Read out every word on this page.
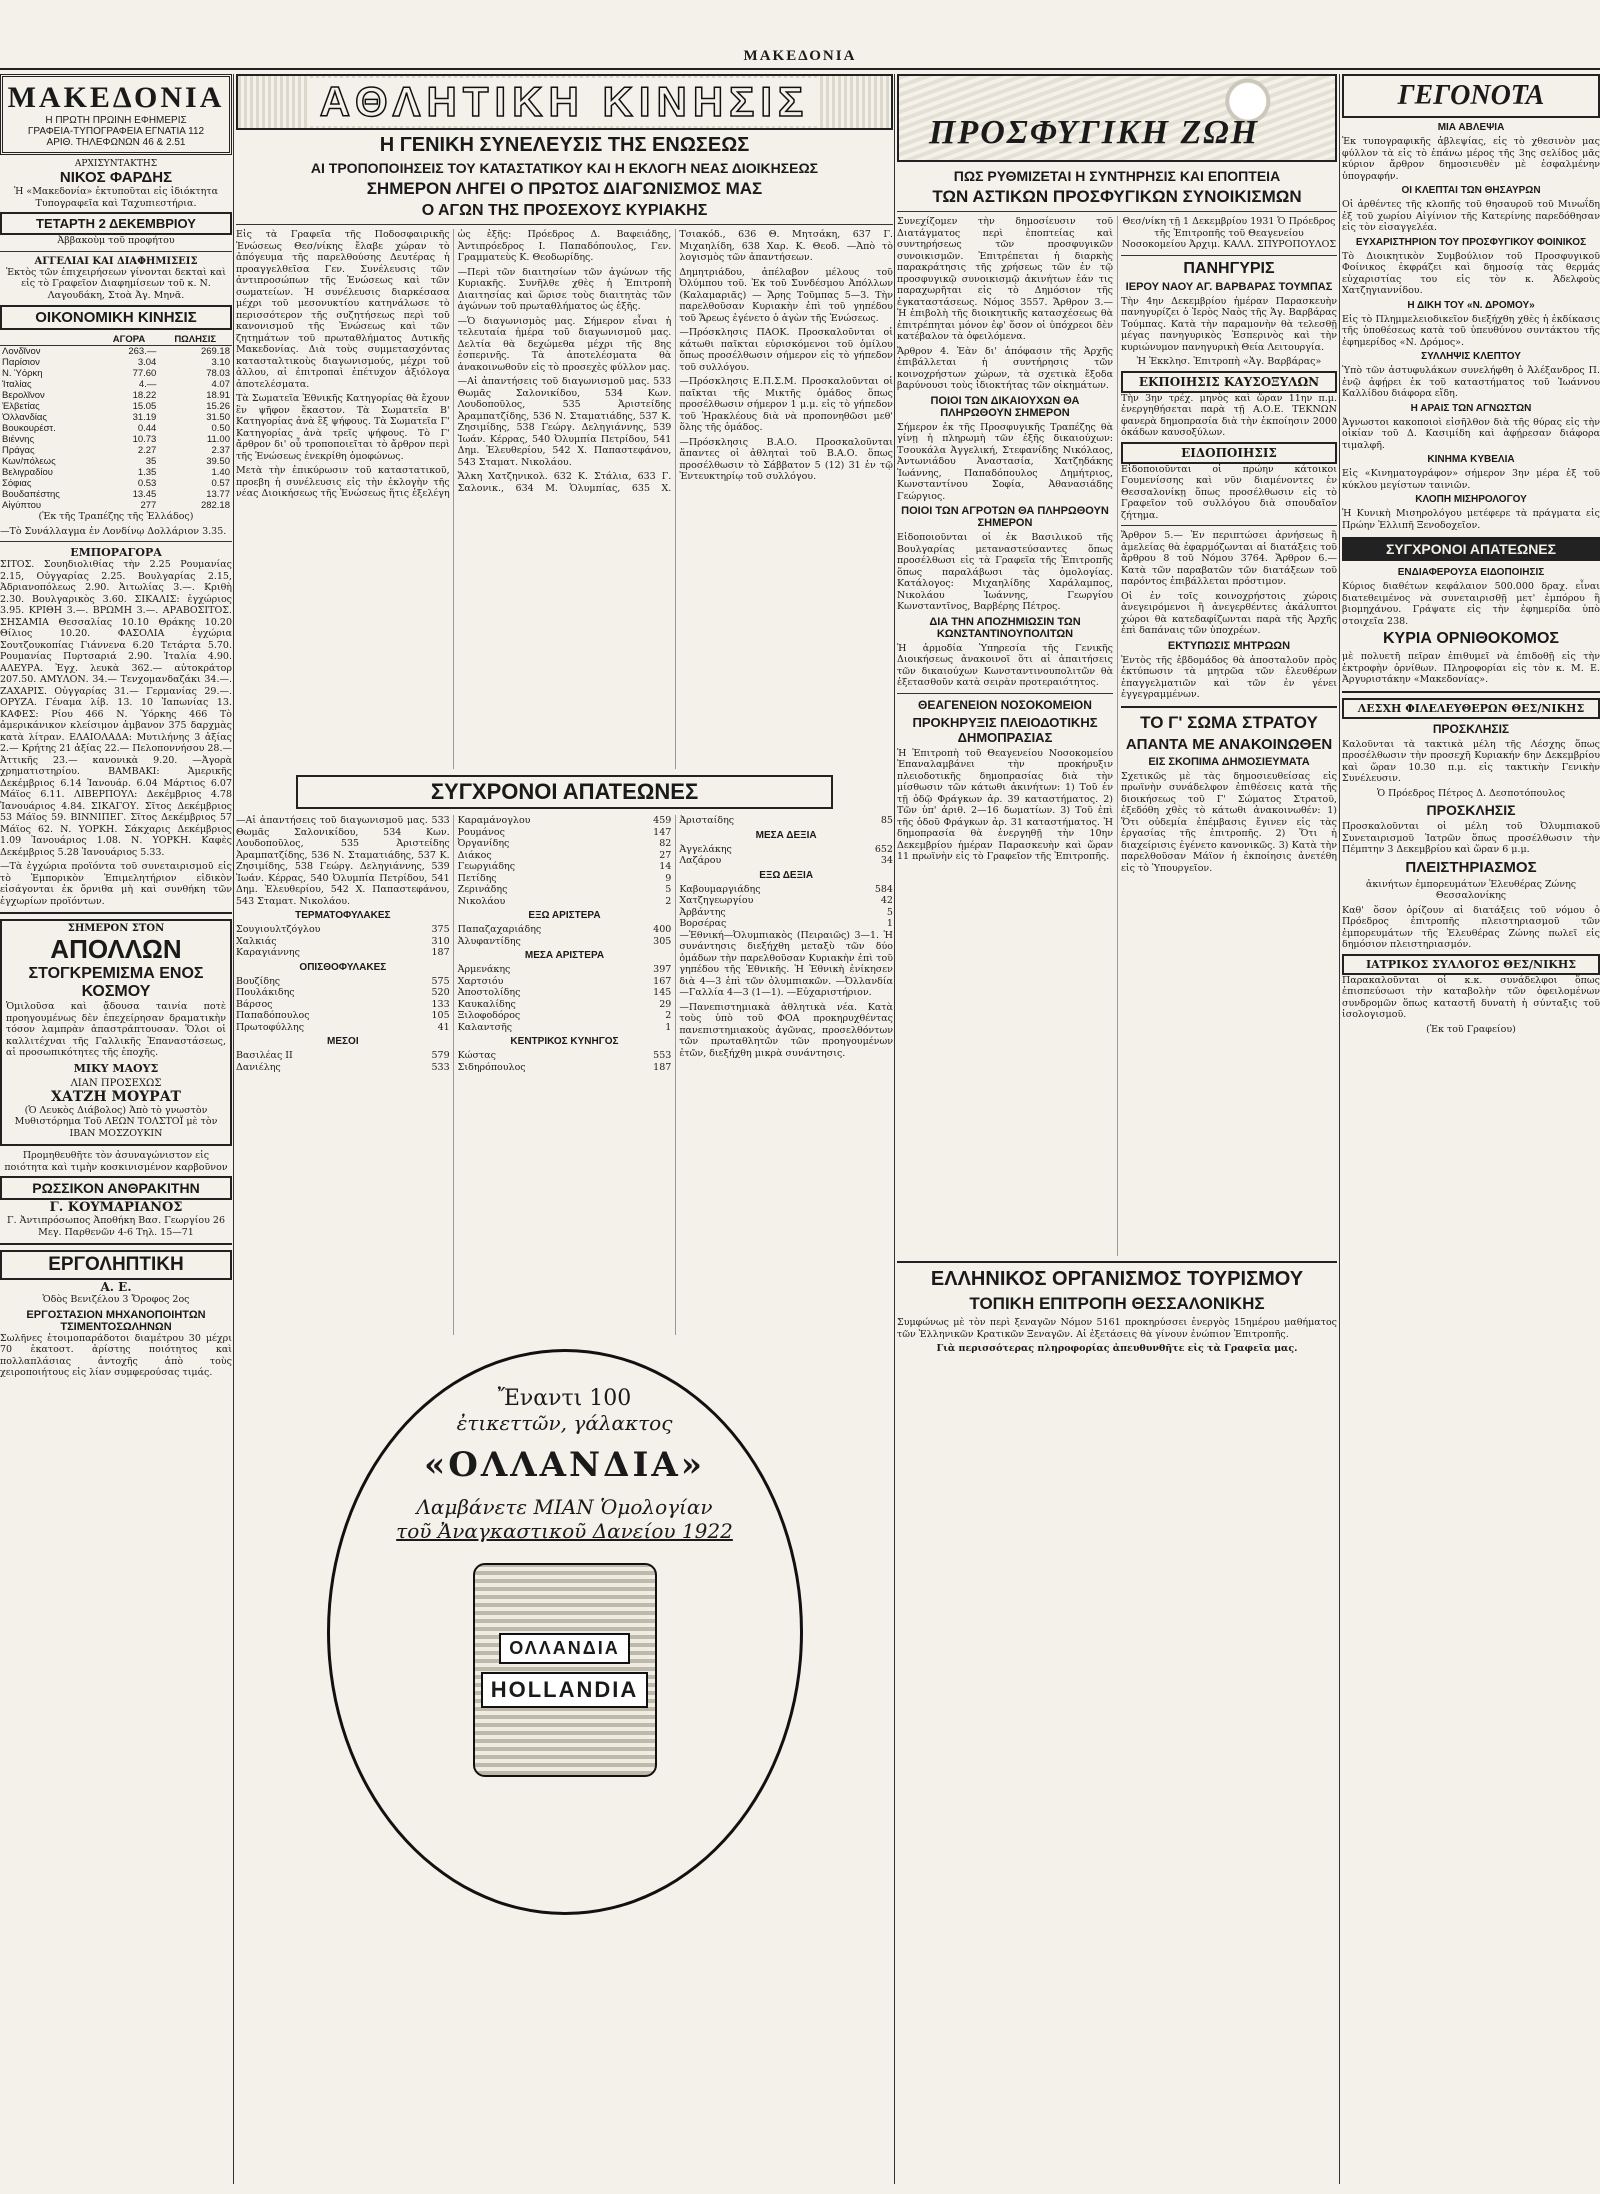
ΜΑΚΕΔΟΝΙΑ
ΜΑΚΕΔΟΝΙΑ
Η ΠΡΩΤΗ ΠΡΩΙΝΗ ΕΦΗΜΕΡΙΣ
ΓΡΑΦΕΙΑ-ΤΥΠΟΓΡΑΦΕΙΑ ΕΓΝΑΤΙΑ 112
ΑΡΙΘ. ΤΗΛΕΦΩΝΩΝ 46 & 2.51
ΑΡΧΙΣΥΝΤΑΚΤΗΣ
ΝΙΚΟΣ ΦΑΡΔΗΣ

Ἡ «Μακεδονία» ἐκτυποῦται εἰς ἰδιόκτητα Τυπογραφεῖα καὶ Ταχυπιεστήρια.

ΤΕΤΑΡΤΗ 2 ΔΕΚΕΜΒΡΙΟΥ

Ἀββακοὺμ τοῦ προφήτου

ΑΓΓΕΛΙΑΙ ΚΑΙ ΔΙΑΦΗΜΙΣΕΙΣ

Ἐκτὸς τῶν ἐπιχειρήσεων γίνονται δεκταὶ καὶ εἰς τὸ Γραφεῖον Διαφημίσεων τοῦ κ. Ν. Λαγουδάκη, Στοὰ Ἀγ. Μηνᾶ.

ΟΙΚΟΝΟΜΙΚΗ ΚΙΝΗΣΙΣ
	ΑΓΟΡΑ	ΠΩΛΗΣΙΣ
Λονδῖνον	263.—	269.18
Παρίσιον	3.04	3.10
Ν. Ὑόρκη	77.60	78.03
Ἰταλίας	4.—	4.07
Βερολῖνον	18.22	18.91
Ἑλβετίας	15.05	15.26
Ὁλλανδίας	31.19	31.50
Βουκουρέστ.	0.44	0.50
Βιέννης	10.73	11.00
Πράγας	2.27	2.37
Κων/πόλεως	35	39.50
Βελιγραδίου	1.35	1.40
Σόφιας	0.53	0.57
Βουδαπέστης	13.45	13.77
Αἰγύπτου	277	282.18

(Ἐκ τῆς Τραπέζης τῆς Ἑλλάδος)

—Τὸ Συνάλλαγμα ἐν Λονδίνῳ Δολλάριον 3.35.

ΕΜΠΟΡΑΓΟΡΑ

ΣΙΤΟΣ. Σουηδιολιθίας τὴν 2.25 Ρουμανίας 2.15, Οὐγγαρίας 2.25. Βουλγαρίας 2.15, Ἀδριανοπόλεως 2.90. Ἀιτωλίας 3.—. Κριθὴ 2.30. Βουλγαρικὸς 3.60. ΣΙΚΑΛΙΣ: ἐγχώριος 3.95. ΚΡΙΘΗ 3.—. ΒΡΩΜΗ 3.—. ΑΡΑΒΟΣΙΤΟΣ. ΣΗΣΑΜΙΑ Θεσσαλίας 10.10 Θράκης 10.20 Θίλιος 10.20. ΦΑΣΟΛΙΑ ἐγχώρια Σουτζουκοπίας Γιάννενα 6.20 Τετάρτα 5.70. Ρουμανίας Πυρτσαριά 2.90. Ἰταλία 4.90. ΑΛΕΥΡΑ. Ἐγχ. λευκὰ 362.— αὐτοκράτορ 207.50. ΑΜΥΛΟΝ. 34.— Τενχομανδαζάκι 34.—. ΖΑΧΑΡΙΣ. Οὐγγαρίας 31.— Γερμανίας 29.—. ΟΡΥΖΑ. Γέναμα λίβ. 13. 10 Ἰαπωνίας 13. ΚΑΦΕΣ: Ρίου 466 Ν. Ὑόρκης 466 Τὸ ἀμερικάνικον κλείσιμον ἀμβανον 375 δαρχμὰς κατὰ λίτραν. ΕΛΑΙΟΛΑΔΑ: Μυτιλήνης 3 ἀξίας 2.— Κρήτης 21 ἀξίας 22.— Πελοποννήσου 28.— Ἀττικῆς 23.— κανονικὰ 9.20. —Ἀγορὰ χρηματιστηρίου. ΒΑΜΒΑΚΙ: Ἀμερικῆς Δεκέμβριος 6.14 Ἰανουάρ. 6.04 Μάρτιος 6.07 Μάϊος 6.11. ΛΙΒΕΡΠΟΥΛ: Δεκέμβριος 4.78 Ἰανουάριος 4.84. ΣΙΚΑΓΟΥ. Σῖτος Δεκέμβριος 53 Μάϊος 59. ΒΙΝΝΙΠΕΓ. Σῖτος Δεκέμβριος 57 Μάϊος 62. Ν. ΥΟΡΚΗ. Σάκχαρις Δεκέμβριος 1.09 Ἰανουάριος 1.08. Ν. ΥΟΡΚΗ. Καφὲς Δεκέμβριος 5.28 Ἰανουάριος 5.33.

—Τὰ ἐγχώρια προϊόντα τοῦ συνεταιρισμοῦ εἰς τὸ Ἐμπορικὸν Ἐπιμελητήριον εἰδικὸν εἰσάγονται ἐκ ὄρνιθα μὴ καὶ συνθήκη τῶν ἐγχωρίων προϊόντων.

ΣΗΜΕΡΟΝ ΣΤΟΝ
ΑΠΟΛΛΩΝ
ΣΤΟΓΚΡΕΜΙΣΜΑ ΕΝΟΣ ΚΟΣΜΟΥ

Ὁμιλοῦσα καὶ ᾄδουσα ταινία ποτὲ προηγουμένως δὲν ἐπεχείρησαν δραματικὴν τόσον λαμπρὰν ἀπαστράπτουσαν. Ὅλοι οἱ καλλιτέχναι τῆς Γαλλικῆς Ἐπαναστάσεως, αἱ προσωπικότητες τῆς ἐποχῆς.

ΜΙΚΥ ΜΑΟΥΣ
ΛΙΑΝ ΠΡΟΣΕΧΩΣ
ΧΑΤΖΗ ΜΟΥΡΑΤ

(Ὁ Λευκὸς Διάβολος) Ἀπὸ τὸ γνωστὸν Μυθιστόρημα Τοῦ ΛΕΩΝ ΤΟΛΣΤΟΪ μὲ τὸν ΙΒΑΝ ΜΟΣΖΟΥΚΙΝ

Προμηθευθῆτε τὸν ἀσυναγώνιστον εἰς ποιότητα καὶ τιμὴν κοσκινισμένον καρβοῦνον

ΡΩΣΣΙΚΟΝ ΑΝΘΡΑΚΙΤΗΝ
Γ. ΚΟΥΜΑΡΙΑΝΟΣ

Γ. Ἀντιπρόσωπος Ἀποθήκη Βασ. Γεωργίου 26 Μεγ. Παρθενῶν 4-6 Τηλ. 15—71

ΕΡΓΟΛΗΠΤΙΚΗ
Α. Ε.

Ὁδὸς Βενιζέλου 3 Ὄροφος 2ος

ΕΡΓΟΣΤΑΣΙΟΝ ΜΗΧΑΝΟΠΟΙΗΤΩΝ ΤΣΙΜΕΝΤΟΣΩΛΗΝΩΝ

Σωλῆνες ἑτοιμοπαράδοτοι διαμέτρου 30 μέχρι 70 ἑκατοστ. ἀρίστης ποιότητος καὶ πολλαπλάσιας ἀντοχῆς ἀπὸ τοὺς χειροποιήτους εἰς λίαν συμφερούσας τιμάς.

ΑΘΛΗΤΙΚΗ ΚΙΝΗΣΙΣ
Η ΓΕΝΙΚΗ ΣΥΝΕΛΕΥΣΙΣ ΤΗΣ ΕΝΩΣΕΩΣ
ΑΙ ΤΡΟΠΟΠΟΙΗΣΕΙΣ ΤΟΥ ΚΑΤΑΣΤΑΤΙΚΟΥ ΚΑΙ Η ΕΚΛΟΓΗ ΝΕΑΣ ΔΙΟΙΚΗΣΕΩΣ
ΣΗΜΕΡΟΝ ΛΗΓΕΙ Ο ΠΡΩΤΟΣ ΔΙΑΓΩΝΙΣΜΟΣ ΜΑΣ
Ο ΑΓΩΝ ΤΗΣ ΠΡΟΣΕΧΟΥΣ ΚΥΡΙΑΚΗΣ

Εἰς τὰ Γραφεῖα τῆς Ποδοσφαιρικῆς Ἑνώσεως Θεσ/νίκης ἔλαβε χώραν τὸ ἀπόγευμα τῆς παρελθούσης Δευτέρας ἡ προαγγελθεῖσα Γεν. Συνέλευσις τῶν ἀντιπροσώπων τῆς Ἑνώσεως καὶ τῶν σωματείων. Ἡ συνέλευσις διαρκέσασα μέχρι τοῦ μεσονυκτίου κατηνάλωσε τὸ περισσότερον τῆς συζητήσεως περὶ τοῦ κανονισμοῦ τῆς Ἑνώσεως καὶ τῶν ζητημάτων τοῦ πρωταθλήματος Δυτικῆς Μακεδονίας. Διὰ τοὺς συμμετασχόντας κατασταλτικοὺς διαγωνισμούς, μέχρι τοῦ ἀλλου, αἱ ἐπιτροπαὶ ἐπέτυχον ἀξιόλογα ἀποτελέσματα.

Τὰ Σωματεῖα Ἐθνικῆς Κατηγορίας θὰ ἔχουν ἓν ψῆφον ἕκαστον. Τὰ Σωματεῖα Β' Κατηγορίας ἀνὰ ἓξ ψήφους. Τὰ Σωματεῖα Γ' Κατηγορίας ἀνὰ τρεῖς ψήφους. Τὸ Γ' ἄρθρον δι' οὗ τροποποιεῖται τὸ ἄρθρον περὶ τῆς Ἑνώσεως ἐνεκρίθη ὁμοφώνως.

Μετὰ τὴν ἐπικύρωσιν τοῦ καταστατικοῦ, προεβη ἡ συνέλευσις εἰς τὴν ἐκλογὴν τῆς νέας Διοικήσεως τῆς Ἑνώσεως ἥτις ἐξελέγη ὡς ἑξῆς: Πρόεδρος Δ. Βαφειάδης, Ἀντιπρόεδρος Ι. Παπαδόπουλος, Γεν. Γραμματεὺς Κ. Θεοδωρίδης.

—Περὶ τῶν διαιτησίων τῶν ἀγώνων τῆς Κυριακῆς. Συνῆλθε χθὲς ἡ Ἐπιτροπὴ Διαιτησίας καὶ ὥρισε τοὺς διαιτητὰς τῶν ἀγώνων τοῦ πρωταθλήματος ὡς ἑξῆς.

—Ὁ διαγωνισμὸς μας. Σήμερον εἶναι ἡ τελευταία ἡμέρα τοῦ διαγωνισμοῦ μας. Δελτία θὰ δεχώμεθα μέχρι τῆς 8ης ἑσπερινῆς. Τὰ ἀποτελέσματα θὰ ἀνακοινωθοῦν εἰς τὸ προσεχὲς φύλλον μας.

—Αἱ ἀπαντήσεις τοῦ διαγωνισμοῦ μας. 533 Θωμᾶς Σαλονικίδου, 534 Κων. Λουδοποῦλος, 535 Ἀριστείδης Ἀραμπατζίδης, 536 Ν. Σταματιάδης, 537 Κ. Ζησιμίδης, 538 Γεώργ. Δεληγιάννης, 539 Ἰωάν. Κέρρας, 540 Ὀλυμπία Πετρίδου, 541 Δημ. Ἐλευθερίου, 542 Χ. Παπαστεφάνου, 543 Σταματ. Νικολάου.

Ἄλκη Χατζηνικολ. 632 Κ. Στάλια, 633 Γ. Σαλονικ., 634 Μ. Ὁλυμπίας, 635 Χ. Τσιακόδ., 636 Θ. Μητσάκη, 637 Γ. Μιχαηλίδη, 638 Χαρ. Κ. Θεοδ. —Ἀπὸ τὸ λογισμὸς τῶν ἀπαντήσεων.

Δημητριάδου, ἀπέλαβον μέλους τοῦ Ὀλύμπου τοῦ. Ἐκ τοῦ Συνδέσμου Ἀπόλλων (Καλαμαριᾶς) — Ἄρης Τοῦμπας 5—3. Τὴν παρελθοῦσαν Κυριακὴν ἐπὶ τοῦ γηπέδου τοῦ Ἄρεως ἐγένετο ὁ ἀγὼν τῆς Ἑνώσεως.

—Πρόσκλησις ΠΑΟΚ. Προσκαλοῦνται οἱ κάτωθι παῖκται εὑρισκόμενοι τοῦ ὁμίλου ὅπως προσέλθωσιν σήμερον εἰς τὸ γήπεδον τοῦ συλλόγου.

—Πρόσκλησις Ε.Π.Σ.Μ. Προσκαλοῦνται οἱ παῖκται τῆς Μικτῆς ὁμάδος ὅπως προσέλθωσιν σήμερον 1 μ.μ. εἰς τὸ γήπεδον τοῦ Ἡρακλέους διὰ νὰ προπονηθῶσι μεθ' ὅλης τῆς ὁμάδος.

—Πρόσκλησις Β.Α.Ο. Προσκαλοῦνται ἅπαντες οἱ ἀθληταὶ τοῦ Β.Α.Ο. ὅπως προσέλθωσιν τὸ Σάββατον 5 (12) 31 ἐν τῷ Ἐντευκτηρίῳ τοῦ συλλόγου.

ΣΥΓΧΡΟΝΟΙ ΑΠΑΤΕΩΝΕΣ

—Αἱ ἀπαντήσεις τοῦ διαγωνισμοῦ μας. 533 Θωμᾶς Σαλονικίδου, 534 Κων. Λουδοποῦλος, 535 Ἀριστείδης Ἀραμπατζίδης, 536 Ν. Σταματιάδης, 537 Κ. Ζησιμίδης, 538 Γεώργ. Δεληγιάννης, 539 Ἰωάν. Κέρρας, 540 Ὀλυμπία Πετρίδου, 541 Δημ. Ἐλευθερίου, 542 Χ. Παπαστεφάνου, 543 Σταματ. Νικολάου.

ΤΕΡΜΑΤΟΦΥΛΑΚΕΣ
Σουγιουλτζόγλου	375
Χαλκιάς	310
Καραγιάννης	187
ΟΠΙΣΘΟΦΥΛΑΚΕΣ
Βουζίδης	575
Πουλάκιδης	520
Βάρσος	133
Παπαδόπουλος	105
Πρωτοφύλλης	41
ΜΕΣΟΙ
Βασιλέας ΙΙ	579
Δανιέλης	533
Καραμάνογλου	459
Ρουμάνος	147
Ὀργανίδης	82
Διάκος	27
Γεωργιάδης	14
Πετίδης	9
Ζερινάδης	5
Νικολάου	2
ΕΞΩ ΑΡΙΣΤΕΡΑ
Παπαζαχαριάδης	400
Ἀλυφαντίδης	305
ΜΕΣΑ ΑΡΙΣΤΕΡΑ
Ἀρμενάκης	397
Χαρτσιόυ	167
Ἀποστολίδης	145
Καυκαλίδης	29
Ξιλοφοδόρος	2
Καλαντσῆς	1
ΚΕΝΤΡΙΚΟΣ ΚΥΝΗΓΟΣ
Κώστας	553
Σιδηρόπουλος	187
Ἀρισταίδης	85
ΜΕΣΑ ΔΕΞΙΑ
Ἀγγελάκης	652
Λαζάρου	34
ΕΞΩ ΔΕΞΙΑ
Καβουμαργιάδης	584
Χατζηγεωργίου	42
Ἀρβάντης	5
Βορσέρας	1

—Ἐθνική—Ὀλυμπιακὸς (Πειραιῶς) 3—1. Ἡ συνάντησις διεξήχθη μεταξὺ τῶν δύο ὁμάδων τὴν παρελθοῦσαν Κυριακὴν ἐπὶ τοῦ γηπέδου τῆς Ἐθνικῆς. Ἡ Ἐθνικὴ ἐνίκησεν διὰ 4—3 ἐπὶ τῶν ὀλυμπιακῶν. —Ὀλλανδία—Γαλλία 4—3 (1—1). —Εὐχαριστήριον.

—Πανεπιστημιακὰ ἀθλητικὰ νέα. Κατὰ τοὺς ὑπὸ τοῦ ΦΟΑ προκηρυχθέντας πανεπιστημιακοὺς ἀγῶνας, προσελθόντων τῶν πρωταθλητῶν τῶν προηγουμένων ἐτῶν, διεξήχθη μικρὰ συνάντησις.

Ἔναντι 100
ἐτικεττῶν, γάλακτος
«ΟΛΛΑΝΔΙΑ»
Λαμβάνετε ΜΙΑΝ Ὁμολογίαν
τοῦ Ἀναγκαστικοῦ Δανείου 1922
ΟΛΛΑΝΔΙΑ
HOLLANDIA
ΠΡΟΣΦΥΓΙΚΗ ΖΩΗ
ΠΩΣ ΡΥΘΜΙΖΕΤΑΙ Η ΣΥΝΤΗΡΗΣΙΣ ΚΑΙ ΕΠΟΠΤΕΙΑ
ΤΩΝ ΑΣΤΙΚΩΝ ΠΡΟΣΦΥΓΙΚΩΝ ΣΥΝΟΙΚΙΣΜΩΝ

Συνεχίζομεν τὴν δημοσίευσιν τοῦ Διατάγματος περὶ ἐποπτείας καὶ συντηρήσεως τῶν προσφυγικῶν συνοικισμῶν. Ἐπιτρέπεται ἡ διαρκὴς παρακράτησις τῆς χρήσεως τῶν ἐν τῷ προσφυγικῷ συνοικισμῷ ἀκινήτων ἐάν τις παραχωρῆται εἰς τὸ Δημόσιον τῆς ἐγκαταστάσεως. Νόμος 3557. Ἄρθρον 3.— Ἡ ἐπιβολὴ τῆς διοικητικῆς κατασχέσεως θὰ ἐπιτρέπηται μόνον ἐφ' ὅσον οἱ ὑπόχρεοι δὲν κατέβαλον τὰ ὀφειλόμενα.

Ἄρθρον 4. Ἐὰν δι' ἀπόφασιν τῆς Ἀρχῆς ἐπιβάλλεται ἡ συντήρησις τῶν κοινοχρήστων χώρων, τὰ σχετικὰ ἔξοδα βαρύνουσι τοὺς ἰδιοκτήτας τῶν οἰκημάτων.

ΠΟΙΟΙ ΤΩΝ ΔΙΚΑΙΟΥΧΩΝ ΘΑ ΠΛΗΡΩΘΟΥΝ ΣΗΜΕΡΟΝ

Σήμερον ἐκ τῆς Προσφυγικῆς Τραπέζης θὰ γίνῃ ἡ πληρωμὴ τῶν ἑξῆς δικαιούχων: Τσουκάλα Ἀγγελική, Στεφανίδης Νικόλαος, Ἀντωνιάδου Ἀναστασία, Χατζηδάκης Ἰωάννης, Παπαδόπουλος Δημήτριος, Κωνσταντίνου Σοφία, Ἀθανασιάδης Γεώργιος.

ΠΟΙΟΙ ΤΩΝ ΑΓΡΟΤΩΝ ΘΑ ΠΛΗΡΩΘΟΥΝ ΣΗΜΕΡΟΝ

Εἰδοποιοῦνται οἱ ἐκ Βασιλικοῦ τῆς Βουλγαρίας μεταναστεύσαντες ὅπως προσέλθωσι εἰς τὰ Γραφεῖα τῆς Ἐπιτροπῆς ὅπως παραλάβωσι τὰς ὁμολογίας. Κατάλογος: Μιχαηλίδης Χαράλαμπος, Νικολάου Ἰωάννης, Γεωργίου Κωνσταντῖνος, Βαρβέρης Πέτρος.

ΔΙΑ ΤΗΝ ΑΠΟΖΗΜΙΩΣΙΝ ΤΩΝ ΚΩΝΣΤΑΝΤΙΝΟΥΠΟΛΙΤΩΝ

Ἡ ἀρμοδία Ὑπηρεσία τῆς Γενικῆς Διοικήσεως ἀνακοινοῖ ὅτι αἱ ἀπαιτήσεις τῶν δικαιούχων Κωνσταντινουπολιτῶν θὰ ἐξετασθοῦν κατὰ σειρὰν προτεραιότητος.

ΘΕΑΓΕΝΕΙΟΝ ΝΟΣΟΚΟΜΕΙΟΝ
ΠΡΟΚΗΡΥΞΙΣ ΠΛΕΙΟΔΟΤΙΚΗΣ ΔΗΜΟΠΡΑΣΙΑΣ

Ἡ Ἐπιτροπὴ τοῦ Θεαγενείου Νοσοκομείου Ἐπαναλαμβάνει τὴν προκήρυξιν πλειοδοτικῆς δημοπρασίας διὰ τὴν μίσθωσιν τῶν κάτωθι ἀκινήτων: 1) Τοῦ ἐν τῇ ὁδῷ Φράγκων ἀρ. 39 καταστήματος. 2) Τῶν ὑπ' ἀριθ. 2—16 δωματίων. 3) Τοῦ ἐπὶ τῆς ὁδοῦ Φράγκων ἀρ. 31 καταστήματος. Ἡ δημοπρασία θὰ ἐνεργηθῇ τὴν 10ην Δεκεμβρίου ἡμέραν Παρασκευὴν καὶ ὥραν 11 πρωϊνὴν εἰς τὸ Γραφεῖον τῆς Ἐπιτροπῆς.

Θεσ/νίκη τῇ 1 Δεκεμβρίου 1931 Ὁ Πρόεδρος τῆς Ἐπιτροπῆς τοῦ Θεαγενείου Νοσοκομείου Ἀρχιμ. ΚΑΛΛ. ΣΠΥΡΟΠΟΥΛΟΣ

ΠΑΝΗΓΥΡΙΣ
ΙΕΡΟΥ ΝΑΟΥ ΑΓ. ΒΑΡΒΑΡΑΣ ΤΟΥΜΠΑΣ

Τὴν 4ην Δεκεμβρίου ἡμέραν Παρασκευὴν πανηγυρίζει ὁ Ἱερὸς Ναὸς τῆς Ἁγ. Βαρβάρας Τούμπας. Κατὰ τὴν παραμονὴν θὰ τελεσθῇ μέγας πανηγυρικὸς Ἑσπερινὸς καὶ τὴν κυριώνυμον πανηγυρικὴ Θεία Λειτουργία.

Ἡ Ἐκκλησ. Ἐπιτροπὴ «Ἁγ. Βαρβάρας»

ΕΚΠΟΙΗΣΙΣ ΚΑΥΣΟΞΥΛΩΝ

Τὴν 3ην τρέχ. μηνὸς καὶ ὥραν 11ην π.μ. ἐνεργηθήσεται παρὰ τῇ Α.Ο.Ε. ΤΕΚΝΩΝ φανερὰ δημοπρασία διὰ τὴν ἐκποίησιν 2000 ὀκάδων καυσοξύλων.

ΕΙΔΟΠΟΙΗΣΙΣ

Εἰδοποιοῦνται οἱ πρώην κάτοικοι Γουμενίσσης καὶ νῦν διαμένοντες ἐν Θεσσαλονίκῃ ὅπως προσέλθωσιν εἰς τὸ Γραφεῖον τοῦ συλλόγου διὰ σπουδαῖον ζήτημα.

Ἄρθρον 5.— Ἐν περιπτώσει ἀρνήσεως ἢ ἀμελείας θὰ ἐφαρμόζωνται αἱ διατάξεις τοῦ ἄρθρου 8 τοῦ Νόμου 3764. Ἄρθρον 6.— Κατὰ τῶν παραβατῶν τῶν διατάξεων τοῦ παρόντος ἐπιβάλλεται πρόστιμον.

Οἱ ἐν τοῖς κοινοχρήστοις χώροις ἀνεγειρόμενοι ἢ ἀνεγερθέντες ἀκάλυπτοι χώροι θὰ κατεδαφίζωνται παρὰ τῆς Ἀρχῆς ἐπὶ δαπάναις τῶν ὑποχρέων.

ΕΚΤΥΠΩΣΙΣ ΜΗΤΡΩΩΝ

Ἐντὸς τῆς ἑβδομάδος θὰ ἀποσταλοῦν πρὸς ἐκτύπωσιν τὰ μητρῶα τῶν ἐλευθέρων ἐπαγγελματιῶν καὶ τῶν ἐν γένει ἐγγεγραμμένων.

ΤΟ Γ' ΣΩΜΑ ΣΤΡΑΤΟΥ
ΑΠΑΝΤΑ ΜΕ ΑΝΑΚΟΙΝΩΘΕΝ
ΕΙΣ ΣΚΟΠΙΜΑ ΔΗΜΟΣΙΕΥΜΑΤΑ

Σχετικῶς μὲ τὰς δημοσιευθείσας εἰς πρωϊνὴν συνάδελφον ἐπιθέσεις κατὰ τῆς διοικήσεως τοῦ Γ' Σώματος Στρατοῦ, ἐξεδόθη χθὲς τὸ κάτωθι ἀνακοινωθέν: 1) Ὅτι οὐδεμία ἐπέμβασις ἔγινεν εἰς τὰς ἐργασίας τῆς ἐπιτροπῆς. 2) Ὅτι ἡ διαχείρισις ἐγένετο κανονικῶς. 3) Κατὰ τὴν παρελθοῦσαν Μάϊον ἡ ἐκποίησις ἀνετέθη εἰς τὸ Ὑπουργεῖον.

ΕΛΛΗΝΙΚΟΣ ΟΡΓΑΝΙΣΜΟΣ ΤΟΥΡΙΣΜΟΥ
ΤΟΠΙΚΗ ΕΠΙΤΡΟΠΗ ΘΕΣΣΑΛΟΝΙΚΗΣ

Συμφώνως μὲ τὸν περὶ ξεναγῶν Νόμον 5161 προκηρύσσει ἐνεργὸς 15ημέρου μαθήματος τῶν Ἑλληνικῶν Κρατικῶν Ξεναγῶν. Αἱ ἐξετάσεις θὰ γίνουν ἐνώπιον Ἐπιτροπῆς.

Γιὰ περισσότερας πληροφορίας ἀπευθυνθῆτε εἰς τὰ Γραφεῖα μας.

ΓΕΓΟΝΟΤΑ
ΜΙΑ ΑΒΛΕΨΙΑ

Ἐκ τυπογραφικῆς ἀβλεψίας, εἰς τὸ χθεσινὸν μας φύλλον τὰ εἰς τὸ ἐπάνω μέρος τῆς 3ης σελίδος μᾶς κύριον ἄρθρον δημοσιευθὲν μὲ ἐσφαλμένην ὑπογραφήν.

ΟΙ ΚΛΕΠΤΑΙ ΤΩΝ ΘΗΣΑΥΡΩΝ

Οἱ ἀρθέντες τῆς κλοπῆς τοῦ θησαυροῦ τοῦ Μινωΐδη ἐξ τοῦ χωρίου Αἰγίνιον τῆς Κατερίνης παρεδόθησαν εἰς τὸν εἰσαγγελέα.

ΕΥΧΑΡΙΣΤΗΡΙΟΝ ΤΟΥ ΠΡΟΣΦΥΓΙΚΟΥ ΦΟΙΝΙΚΟΣ

Τὸ Διοικητικὸν Συμβούλιον τοῦ Προσφυγικοῦ Φοίνικος ἐκφράζει καὶ δημοσίᾳ τὰς θερμάς εὐχαριστίας του εἰς τὸν κ. Ἀδελφοὺς Χατζηγιαννίδου.

Η ΔΙΚΗ ΤΟΥ «Ν. ΔΡΟΜΟΥ»

Εἰς τὸ Πλημμελειοδικεῖον διεξήχθη χθὲς ἡ ἐκδίκασις τῆς ὑποθέσεως κατὰ τοῦ ὑπευθύνου συντάκτου τῆς ἐφημερίδος «Ν. Δρόμος».

ΣΥΛΛΗΨΙΣ ΚΛΕΠΤΟΥ

Ὑπὸ τῶν ἀστυφυλάκων συνελήφθη ὁ Ἀλέξανδρος Π. ἐνῷ ἀφῄρει ἐκ τοῦ καταστήματος τοῦ Ἰωάννου Καλλίδου διάφορα εἴδη.

Η ΑΡΑΙΣ ΤΩΝ ΑΓΝΩΣΤΩΝ

Ἀγνωστοι κακοποιοὶ εἰσῆλθον διὰ τῆς θύρας εἰς τὴν οἰκίαν τοῦ Δ. Κασιμίδη καὶ ἀφῄρεσαν διάφορα τιμαλφῆ.

ΚΙΝΗΜΑ ΚΥΒΕΛΙΑ

Εἰς «Κινηματογράφον» σήμερον 3ην μέρα ἐξ τοῦ κύκλου μεγίστων ταινιῶν.

ΚΛΟΠΗ ΜΙΣΗΡΟΛΟΓΟΥ

Ἡ Κυνικὴ Μισηρολόγου μετέφερε τὰ πράγματα εἰς Πρώην Ἑλλιπῆ Ξενοδοχεῖον.

ΣΥΓΧΡΟΝΟΙ ΑΠΑΤΕΩΝΕΣ
ΕΝΔΙΑΦΕΡΟΥΣΑ ΕΙΔΟΠΟΙΗΣΙΣ

Κύριος διαθέτων κεφάλαιον 500.000 δραχ. εἶναι διατεθειμένος νὰ συνεταιρισθῇ μετ' ἐμπόρου ἢ βιομηχάνου. Γράψατε εἰς τὴν ἐφημερίδα ὑπὸ στοιχεῖα 238.

ΚΥΡΙΑ ΟΡΝΙΘΟΚΟΜΟΣ

μὲ πολυετῆ πεῖραν ἐπιθυμεῖ νὰ ἐπιδοθῇ εἰς τὴν ἐκτροφὴν ὀρνίθων. Πληροφορίαι εἰς τὸν κ. Μ. Ε. Ἀργυριστάκην «Μακεδονίας».

ΛΕΣΧΗ ΦΙΛΕΛΕΥΘΕΡΩΝ ΘΕΣ/ΝΙΚΗΣ
ΠΡΟΣΚΛΗΣΙΣ

Καλοῦνται τὰ τακτικὰ μέλη τῆς Λέσχης ὅπως προσέλθωσιν τὴν προσεχῆ Κυριακήν 6ην Δεκεμβρίου καὶ ὥραν 10.30 π.μ. εἰς τακτικὴν Γενικὴν Συνέλευσιν.

Ὁ Πρόεδρος Πέτρος Δ. Δεσποτόπουλος

ΠΡΟΣΚΛΗΣΙΣ

Προσκαλοῦνται οἱ μέλη τοῦ Ὀλυμπιακοῦ Συνεταιρισμοῦ Ἰατρῶν ὅπως προσέλθωσιν τὴν Πέμπτην 3 Δεκεμβρίου καὶ ὥραν 6 μ.μ.

ΠΛΕΙΣΤΗΡΙΑΣΜΟΣ

ἀκινήτων ἐμπορευμάτων Ἐλευθέρας Ζώνης Θεσσαλονίκης

Καθ' ὅσον ὁρίζουν αἱ διατάξεις τοῦ νόμου ὁ Πρόεδρος ἐπιτροπῆς πλειστηριασμοῦ τῶν ἐμπορευμάτων τῆς Ἐλευθέρας Ζώνης πωλεῖ εἰς δημόσιον πλειστηριασμόν.

ΙΑΤΡΙΚΟΣ ΣΥΛΛΟΓΟΣ ΘΕΣ/ΝΙΚΗΣ

Παρακαλοῦνται οἱ κ.κ. συνάδελφοι ὅπως ἐπισπεύσωσι τὴν καταβολὴν τῶν ὀφειλομένων συνδρομῶν ὅπως καταστῆ δυνατὴ ἡ σύνταξις τοῦ ἰσολογισμοῦ.

(Ἐκ τοῦ Γραφείου)
